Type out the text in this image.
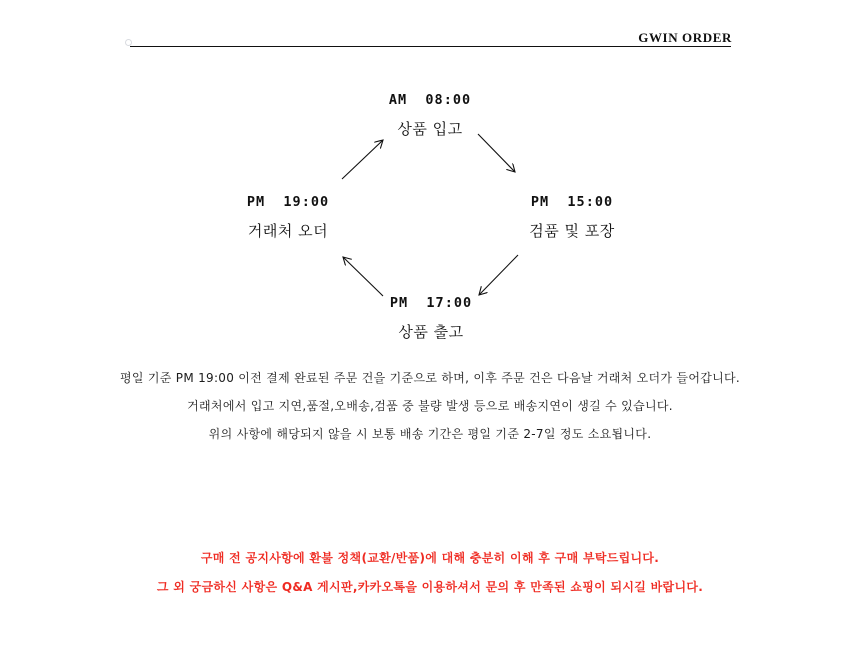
GWIN ORDER
AM  08:00
상품 입고
PM  15:00
검품 및 포장
PM  17:00
상품 출고
PM  19:00
거래처 오더

평일 기준 PM 19:00 이전 결제 완료된 주문 건을 기준으로 하며, 이후 주문 건은 다음날 거래처 오더가 들어갑니다.

거래처에서 입고 지연,품절,오배송,검품 중 불량 발생 등으로 배송지연이 생길 수 있습니다.

위의 사항에 해당되지 않을 시 보통 배송 기간은 평일 기준 2-7일 정도 소요됩니다.

구매 전 공지사항에 환불 정책(교환/반품)에 대해 충분히 이해 후 구매 부탁드립니다.

그 외 궁금하신 사항은 Q&A 게시판,카카오톡을 이용하셔서 문의 후 만족된 쇼핑이 되시길 바랍니다.
